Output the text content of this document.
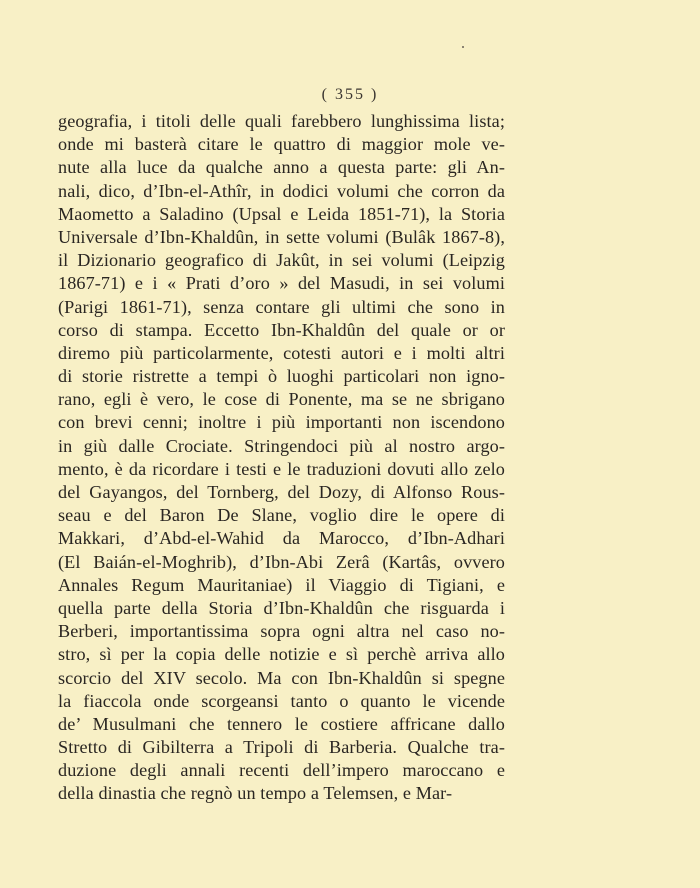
( 355 )
geografia, i titoli delle quali farebbero lunghissima lista;
onde mi basterà citare le quattro di maggior mole ve-
nute alla luce da qualche anno a questa parte: gli An-
nali, dico, d’Ibn-el-Athîr, in dodici volumi che corron da
Maometto a Saladino (Upsal e Leida 1851-71), la Storia
Universale d’Ibn-Khaldûn, in sette volumi (Bulâk 1867-8),
il Dizionario geografico di Jakût, in sei volumi (Leipzig
1867-71) e i « Prati d’oro » del Masudi, in sei volumi
(Parigi 1861-71), senza contare gli ultimi che sono in
corso di stampa. Eccetto Ibn-Khaldûn del quale or or
diremo più particolarmente, cotesti autori e i molti altri
di storie ristrette a tempi ò luoghi particolari non igno-
rano, egli è vero, le cose di Ponente, ma se ne sbrigano
con brevi cenni; inoltre i più importanti non iscendono
in giù dalle Crociate. Stringendoci più al nostro argo-
mento, è da ricordare i testi e le traduzioni dovuti allo zelo
del Gayangos, del Tornberg, del Dozy, di Alfonso Rous-
seau e del Baron De Slane, voglio dire le opere di
Makkari, d’Abd-el-Wahid da Marocco, d’Ibn-Adhari
(El Baián-el-Moghrib), d’Ibn-Abi Zerâ (Kartâs, ovvero
Annales Regum Mauritaniae) il Viaggio di Tigiani, e
quella parte della Storia d’Ibn-Khaldûn che risguarda i
Berberi, importantissima sopra ogni altra nel caso no-
stro, sì per la copia delle notizie e sì perchè arriva allo
scorcio del XIV secolo. Ma con Ibn-Khaldûn si spegne
la fiaccola onde scorgeansi tanto o quanto le vicende
de’ Musulmani che tennero le costiere affricane dallo
Stretto di Gibilterra a Tripoli di Barberia. Qualche tra-
duzione degli annali recenti dell’impero maroccano e
della dinastia che regnò un tempo a Telemsen, e Mar-
